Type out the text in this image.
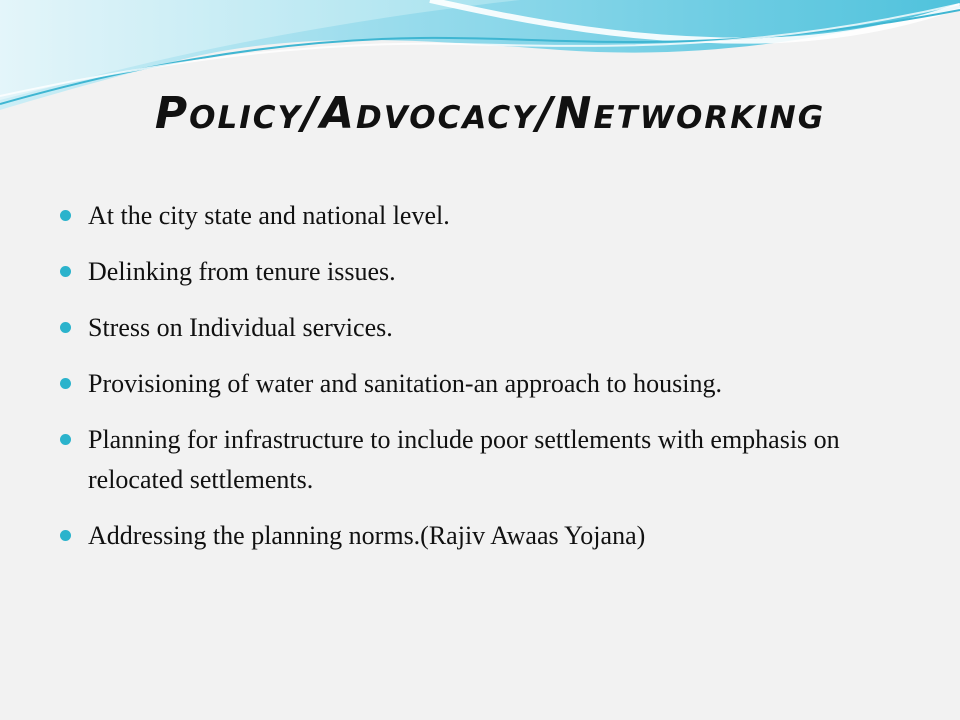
Policy/Advocacy/Networking
At the city state and national level.
Delinking from tenure issues.
Stress on Individual services.
Provisioning of water and sanitation-an approach to housing.
Planning for infrastructure to include poor settlements with emphasis on relocated settlements.
Addressing the planning norms.(Rajiv Awaas Yojana)
